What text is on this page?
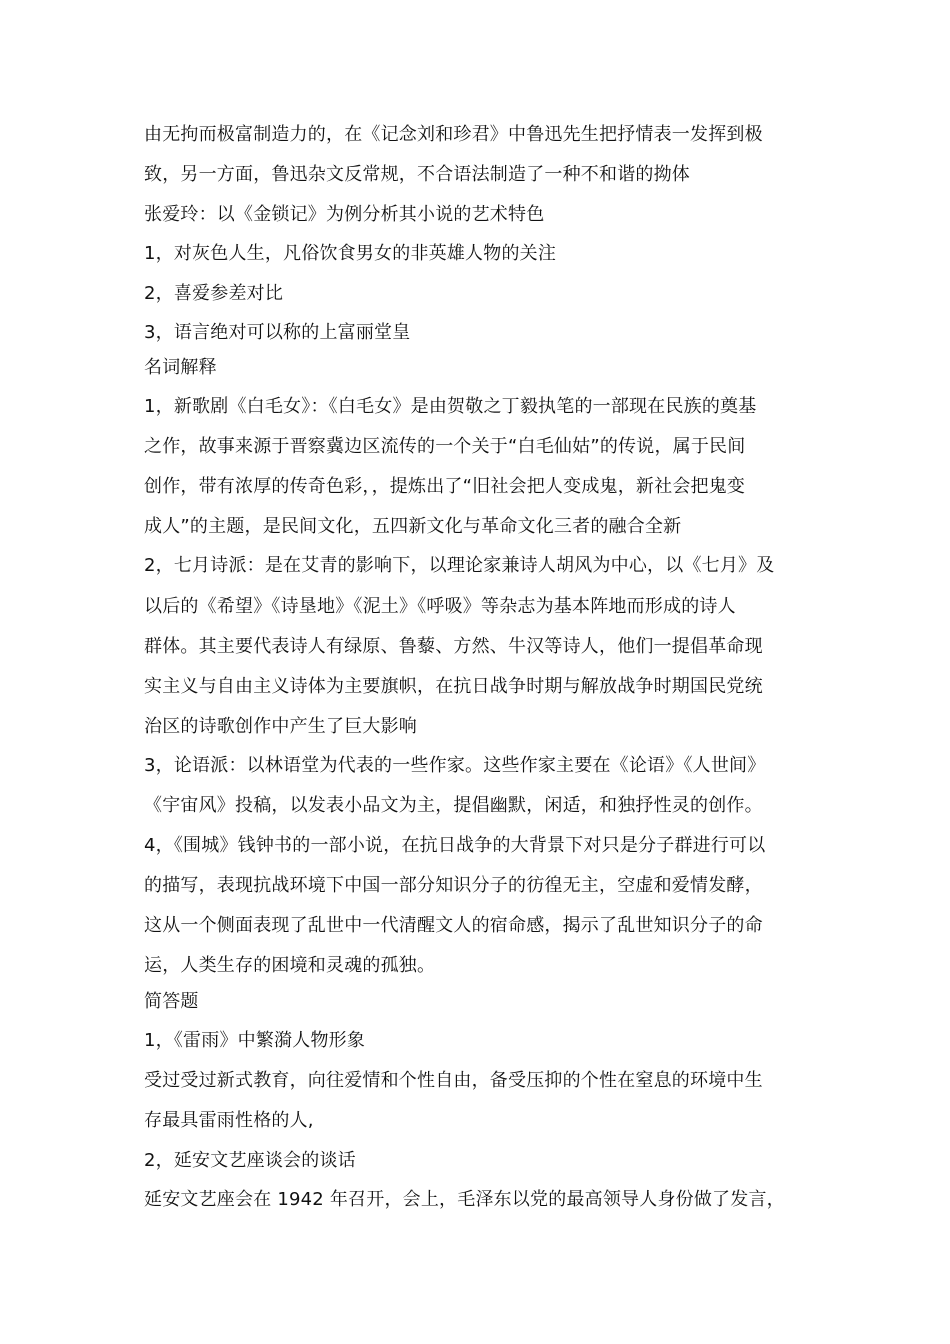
由无拘而极富制造力的，在《记念刘和珍君》中鲁迅先生把抒情表一发挥到极
致，另一方面，鲁迅杂文反常规，不合语法制造了一种不和谐的拗体
张爱玲：以《金锁记》为例分析其小说的艺术特色
1，对灰色人生，凡俗饮食男女的非英雄人物的关注
2，喜爱参差对比
3，语言绝对可以称的上富丽堂皇
名词解释
1，新歌剧《白毛女》：《白毛女》是由贺敬之丁毅执笔的一部现在民族的奠基
之作，故事来源于晋察冀边区流传的一个关于“白毛仙姑”的传说，属于民间
创作，带有浓厚的传奇色彩，，提炼出了“旧社会把人变成鬼，新社会把鬼变
成人”的主题，是民间文化，五四新文化与革命文化三者的融合全新
2，七月诗派：是在艾青的影响下，以理论家兼诗人胡风为中心，以《七月》及
以后的《希望》《诗垦地》《泥土》《呼吸》等杂志为基本阵地而形成的诗人
群体。其主要代表诗人有绿原、鲁藜、方然、牛汉等诗人，他们一提倡革命现
实主义与自由主义诗体为主要旗帜，在抗日战争时期与解放战争时期国民党统
治区的诗歌创作中产生了巨大影响
3，论语派：以林语堂为代表的一些作家。这些作家主要在《论语》《人世间》
《宇宙风》投稿，以发表小品文为主，提倡幽默，闲适，和独抒性灵的创作。
4，《围城》钱钟书的一部小说，在抗日战争的大背景下对只是分子群进行可以
的描写，表现抗战环境下中国一部分知识分子的彷徨无主，空虚和爱情发酵，
这从一个侧面表现了乱世中一代清醒文人的宿命感，揭示了乱世知识分子的命
运，人类生存的困境和灵魂的孤独。
简答题
1，《雷雨》中繁漪人物形象
受过受过新式教育，向往爱情和个性自由，备受压抑的个性在窒息的环境中生
存最具雷雨性格的人,
2，延安文艺座谈会的谈话
延安文艺座会在 1942 年召开，会上，毛泽东以党的最高领导人身份做了发言，
